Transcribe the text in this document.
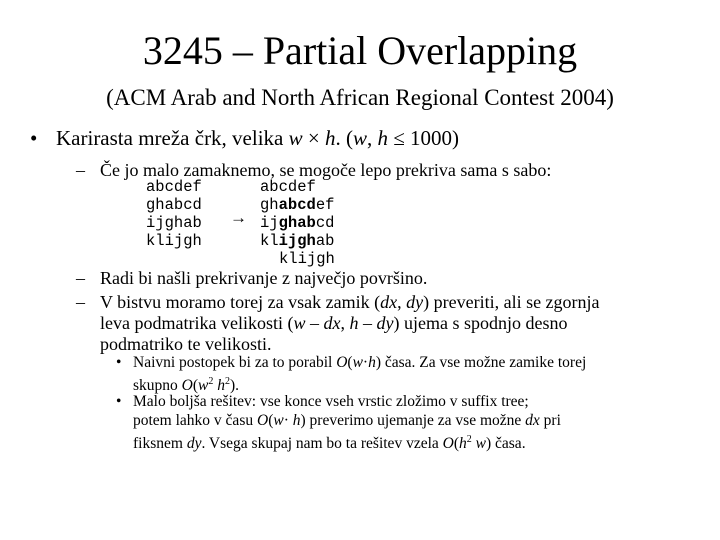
3245 – Partial Overlapping
(ACM Arab and North African Regional Contest 2004)
• Karirasta mreža črk, velika w × h. (w, h ≤ 1000)
– Če jo malo zamaknemo, se mogoče lepo prekriva sama s sabo:
abcdef
ghabcd
ijghab
klijgh
→
abcdef
ghabcdef
ijghabcd
klijghab
klijgh
– Radi bi našli prekrivanje z največjo površino.
– V bistvu moramo torej za vsak zamik (dx, dy) preveriti, ali se zgornja
leva podmatrika velikosti (w – dx, h – dy) ujema s spodnjo desno
podmatriko te velikosti.
• Naivni postopek bi za to porabil O(w·h) časa. Za vse možne zamike torej
skupno $O(w^2$ $h^2$).
• Malo boljša rešitev: vse konce vseh vrstic zložimo v suffix tree;
potem lahko v času O(w· h) preverimo ujemanje za vse možne dx pri
fiksnem dy. Vsega skupaj nam bo ta rešitev vzela $O(h^2$ w) časa.
